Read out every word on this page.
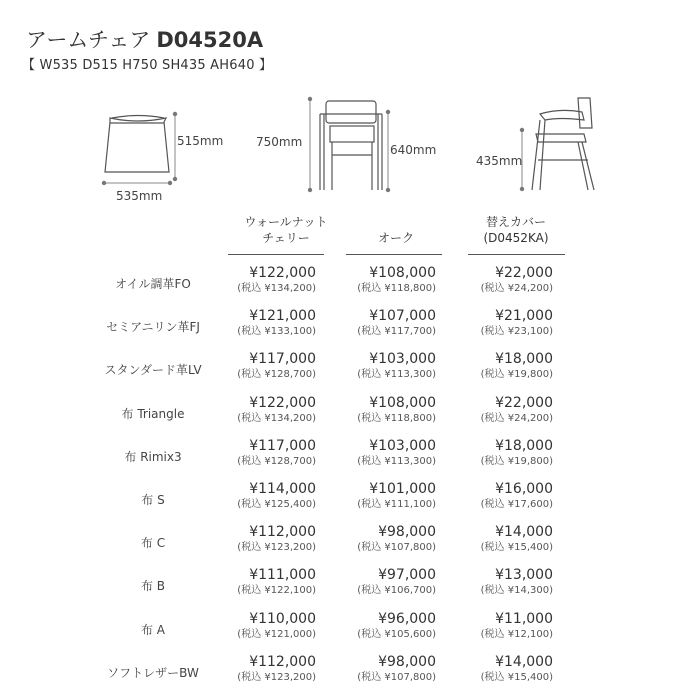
アームチェア D04520A
【 W535 D515 H750 SH435 AH640 】
515mm
535mm
750mm
640mm
435mm
ウォールナット
チェリー
	オーク
替えカバー
(D0452KA)
オイル調革FO
¥122,000
(税込 ¥134,200)
¥108,000
(税込 ¥118,800)
¥22,000
(税込 ¥24,200)
セミアニリン革FJ
¥121,000
(税込 ¥133,100)
¥107,000
(税込 ¥117,700)
¥21,000
(税込 ¥23,100)
スタンダード革LV
¥117,000
(税込 ¥128,700)
¥103,000
(税込 ¥113,300)
¥18,000
(税込 ¥19,800)
布 Triangle
¥122,000
(税込 ¥134,200)
¥108,000
(税込 ¥118,800)
¥22,000
(税込 ¥24,200)
布 Rimix3
¥117,000
(税込 ¥128,700)
¥103,000
(税込 ¥113,300)
¥18,000
(税込 ¥19,800)
布 S
¥114,000
(税込 ¥125,400)
¥101,000
(税込 ¥111,100)
¥16,000
(税込 ¥17,600)
布 C
¥112,000
(税込 ¥123,200)
¥98,000
(税込 ¥107,800)
¥14,000
(税込 ¥15,400)
布 B
¥111,000
(税込 ¥122,100)
¥97,000
(税込 ¥106,700)
¥13,000
(税込 ¥14,300)
布 A
¥110,000
(税込 ¥121,000)
¥96,000
(税込 ¥105,600)
¥11,000
(税込 ¥12,100)
ソフトレザーBW
¥112,000
(税込 ¥123,200)
¥98,000
(税込 ¥107,800)
¥14,000
(税込 ¥15,400)
